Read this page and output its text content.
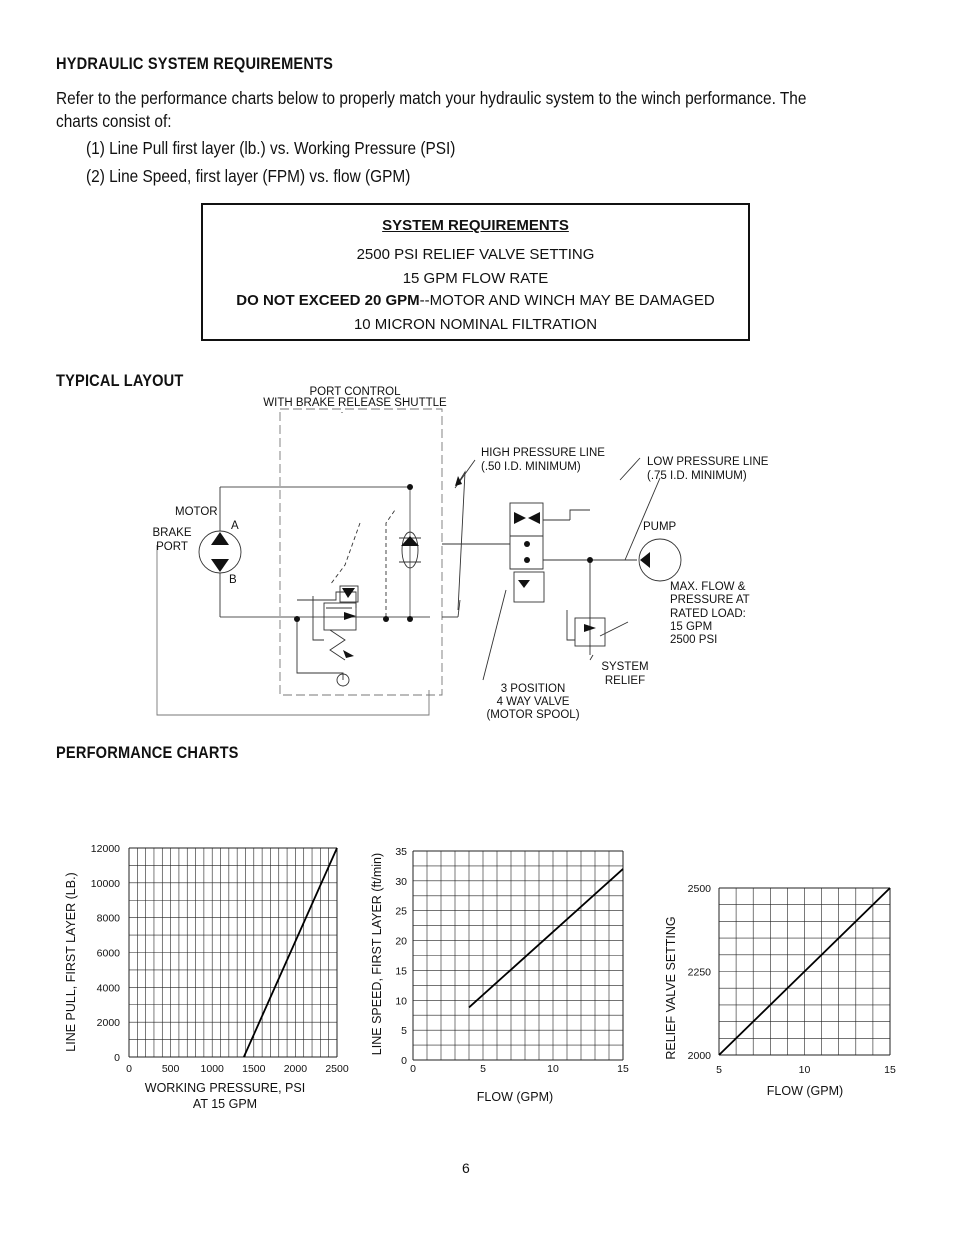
HYDRAULIC SYSTEM REQUIREMENTS
Refer to the performance charts below to properly match your hydraulic system to the winch performance. The
charts consist of:
(1) Line Pull first layer (lb.) vs. Working Pressure (PSI)
(2) Line Speed, first layer (FPM) vs. flow (GPM)
SYSTEM REQUIREMENTS
2500 PSI RELIEF VALVE SETTING
15 GPM FLOW RATE
DO NOT EXCEED 20 GPM--MOTOR AND WINCH MAY BE DAMAGED
10 MICRON NOMINAL FILTRATION
TYPICAL LAYOUT
PORT CONTROL
WITH BRAKE RELEASE SHUTTLE
HIGH PRESSURE LINE
(.50 I.D. MINIMUM)	LOW PRESSURE LINE
(.75 I.D. MINIMUM)
MOTOR
BRAKE
PORT
A
B
PUMP
MAX. FLOW &
PRESSURE AT
RATED LOAD:
15 GPM
2500 PSI
SYSTEM
RELIEF
3 POSITION
4 WAY VALVE
(MOTOR SPOOL)
PERFORMANCE CHARTS
0	500 1000 1500 2000 2500
0
2000
4000
6000
8000
10000
12000
WORKING PRESSURE, PSI
AT 15 GPM
LINE PULL, FIRST LAYER (LB.)
0	5	10	15
0
5
10
15
20
25
30
35
FLOW (GPM)
LINE SPEED, FIRST LAYER (ft/min)
5	10	15
2000
2250
2500
FLOW (GPM)
RELIEF VALVE SETTING
6
